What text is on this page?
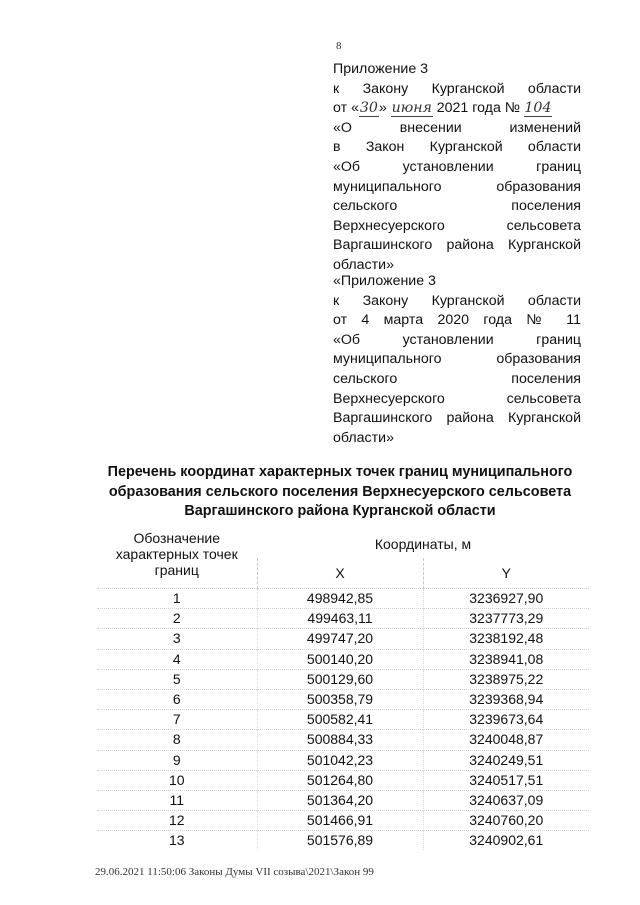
8
Приложение 3
к Закону Курганской области
от «30» июня 2021 года № 104
«О внесении изменений
в Закон Курганской области
«Об установлении границ
муниципального образования
сельского поселения
Верхнесуерского сельсовета
Варгашинского района Курганской
области»
«Приложение 3
к Закону Курганской области
от 4 марта 2020 года № 11
«Об установлении границ
муниципального образования
сельского поселения
Верхнесуерского сельсовета
Варгашинского района Курганской
области»
Перечень координат характерных точек границ муниципального
образования сельского поселения Верхнесуерского сельсовета
Варгашинского района Курганской области
Обозначение
характерных точек
границ	Координаты, м	
	X	Y
1	498942,85	3236927,90
2	499463,11	3237773,29
3	499747,20	3238192,48
4	500140,20	3238941,08
5	500129,60	3238975,22
6	500358,79	3239368,94
7	500582,41	3239673,64
8	500884,33	3240048,87
9	501042,23	3240249,51
10	501264,80	3240517,51
11	501364,20	3240637,09
12	501466,91	3240760,20
13	501576,89	3240902,61
29.06.2021 11:50:06 Законы Думы VII созыва\2021\Закон 99
